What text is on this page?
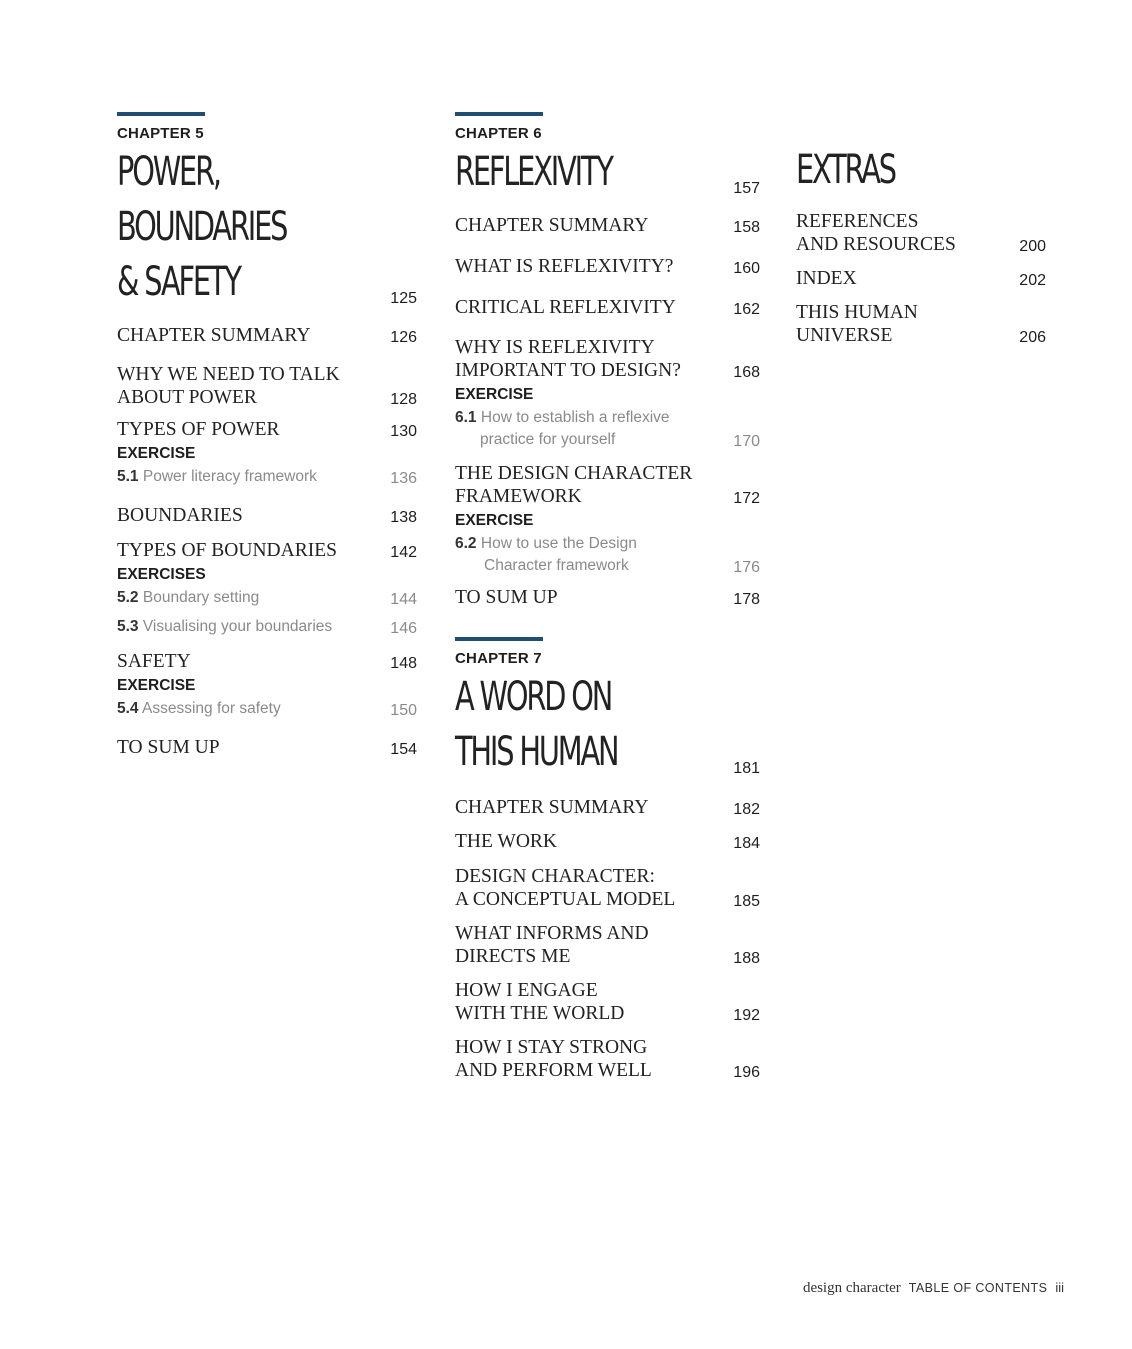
CHAPTER 5
POWER, BOUNDARIES
& SAFETY	125
CHAPTER SUMMARY	126
WHY WE NEED TO TALK
ABOUT POWER	128
TYPES OF POWER	130
EXERCISE
5.1 Power literacy framework	136
BOUNDARIES	138
TYPES OF BOUNDARIES	142
EXERCISES
5.2 Boundary setting	144
5.3 Visualising your boundaries	146
SAFETY	148
EXERCISE
5.4 Assessing for safety	150
TO SUM UP	154
CHAPTER 6
REFLEXIVITY	157
CHAPTER SUMMARY	158
WHAT IS REFLEXIVITY?	160
CRITICAL REFLEXIVITY	162
WHY IS REFLEXIVITY
IMPORTANT TO DESIGN?	168
EXERCISE
6.1 How to establish a reflexive
practice for yourself	170
THE DESIGN CHARACTER
FRAMEWORK	172
EXERCISE
6.2 How to use the Design
Character framework	176
TO SUM UP	178
CHAPTER 7
A WORD ON
THIS HUMAN	181
CHAPTER SUMMARY	182
THE WORK	184
DESIGN CHARACTER:
A CONCEPTUAL MODEL	185
WHAT INFORMS AND
DIRECTS ME	188
HOW I ENGAGE
WITH THE WORLD	192
HOW I STAY STRONG
AND PERFORM WELL	196
EXTRAS
REFERENCES
AND RESOURCES	200
INDEX	202
THIS HUMAN
UNIVERSE	206
design character TABLE OF CONTENTS iii
